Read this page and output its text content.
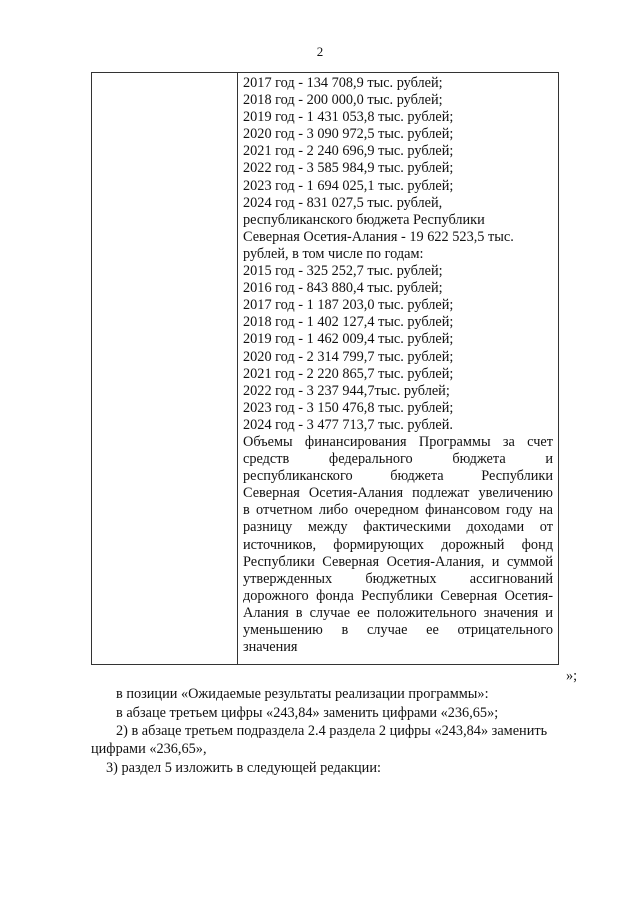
2
2017 год - 134 708,9 тыс. рублей;
2018 год - 200 000,0 тыс. рублей;
2019 год - 1 431 053,8 тыс. рублей;
2020 год - 3 090 972,5 тыс. рублей;
2021 год - 2 240 696,9 тыс. рублей;
2022 год - 3 585 984,9 тыс. рублей;
2023 год - 1 694 025,1 тыс. рублей;
2024 год - 831 027,5 тыс. рублей,
республиканского бюджета Республики
Северная Осетия-Алания - 19 622 523,5 тыс.
рублей, в том числе по годам:
2015 год - 325 252,7 тыс. рублей;
2016 год - 843 880,4 тыс. рублей;
2017 год - 1 187 203,0 тыс. рублей;
2018 год - 1 402 127,4 тыс. рублей;
2019 год - 1 462 009,4 тыс. рублей;
2020 год - 2 314 799,7 тыс. рублей;
2021 год - 2 220 865,7 тыс. рублей;
2022 год - 3 237 944,7тыс. рублей;
2023 год - 3 150 476,8 тыс. рублей;
2024 год - 3 477 713,7 тыс. рублей.
Объемы финансирования Программы за счет
средств федерального бюджета и
республиканского бюджета Республики
Северная Осетия-Алания подлежат увеличению
в отчетном либо очередном финансовом году на
разницу между фактическими доходами от
источников, формирующих дорожный фонд
Республики Северная Осетия-Алания, и суммой
утвержденных бюджетных ассигнований
дорожного фонда Республики Северная Осетия-
Алания в случае ее положительного значения и
уменьшению в случае ее отрицательного
значения
»;
в позиции «Ожидаемые результаты реализации программы»:
в абзаце третьем цифры «243,84» заменить цифрами «236,65»;
2) в абзаце третьем подраздела 2.4 раздела 2 цифры «243,84» заменить
цифрами «236,65»,
3) раздел 5 изложить в следующей редакции:
